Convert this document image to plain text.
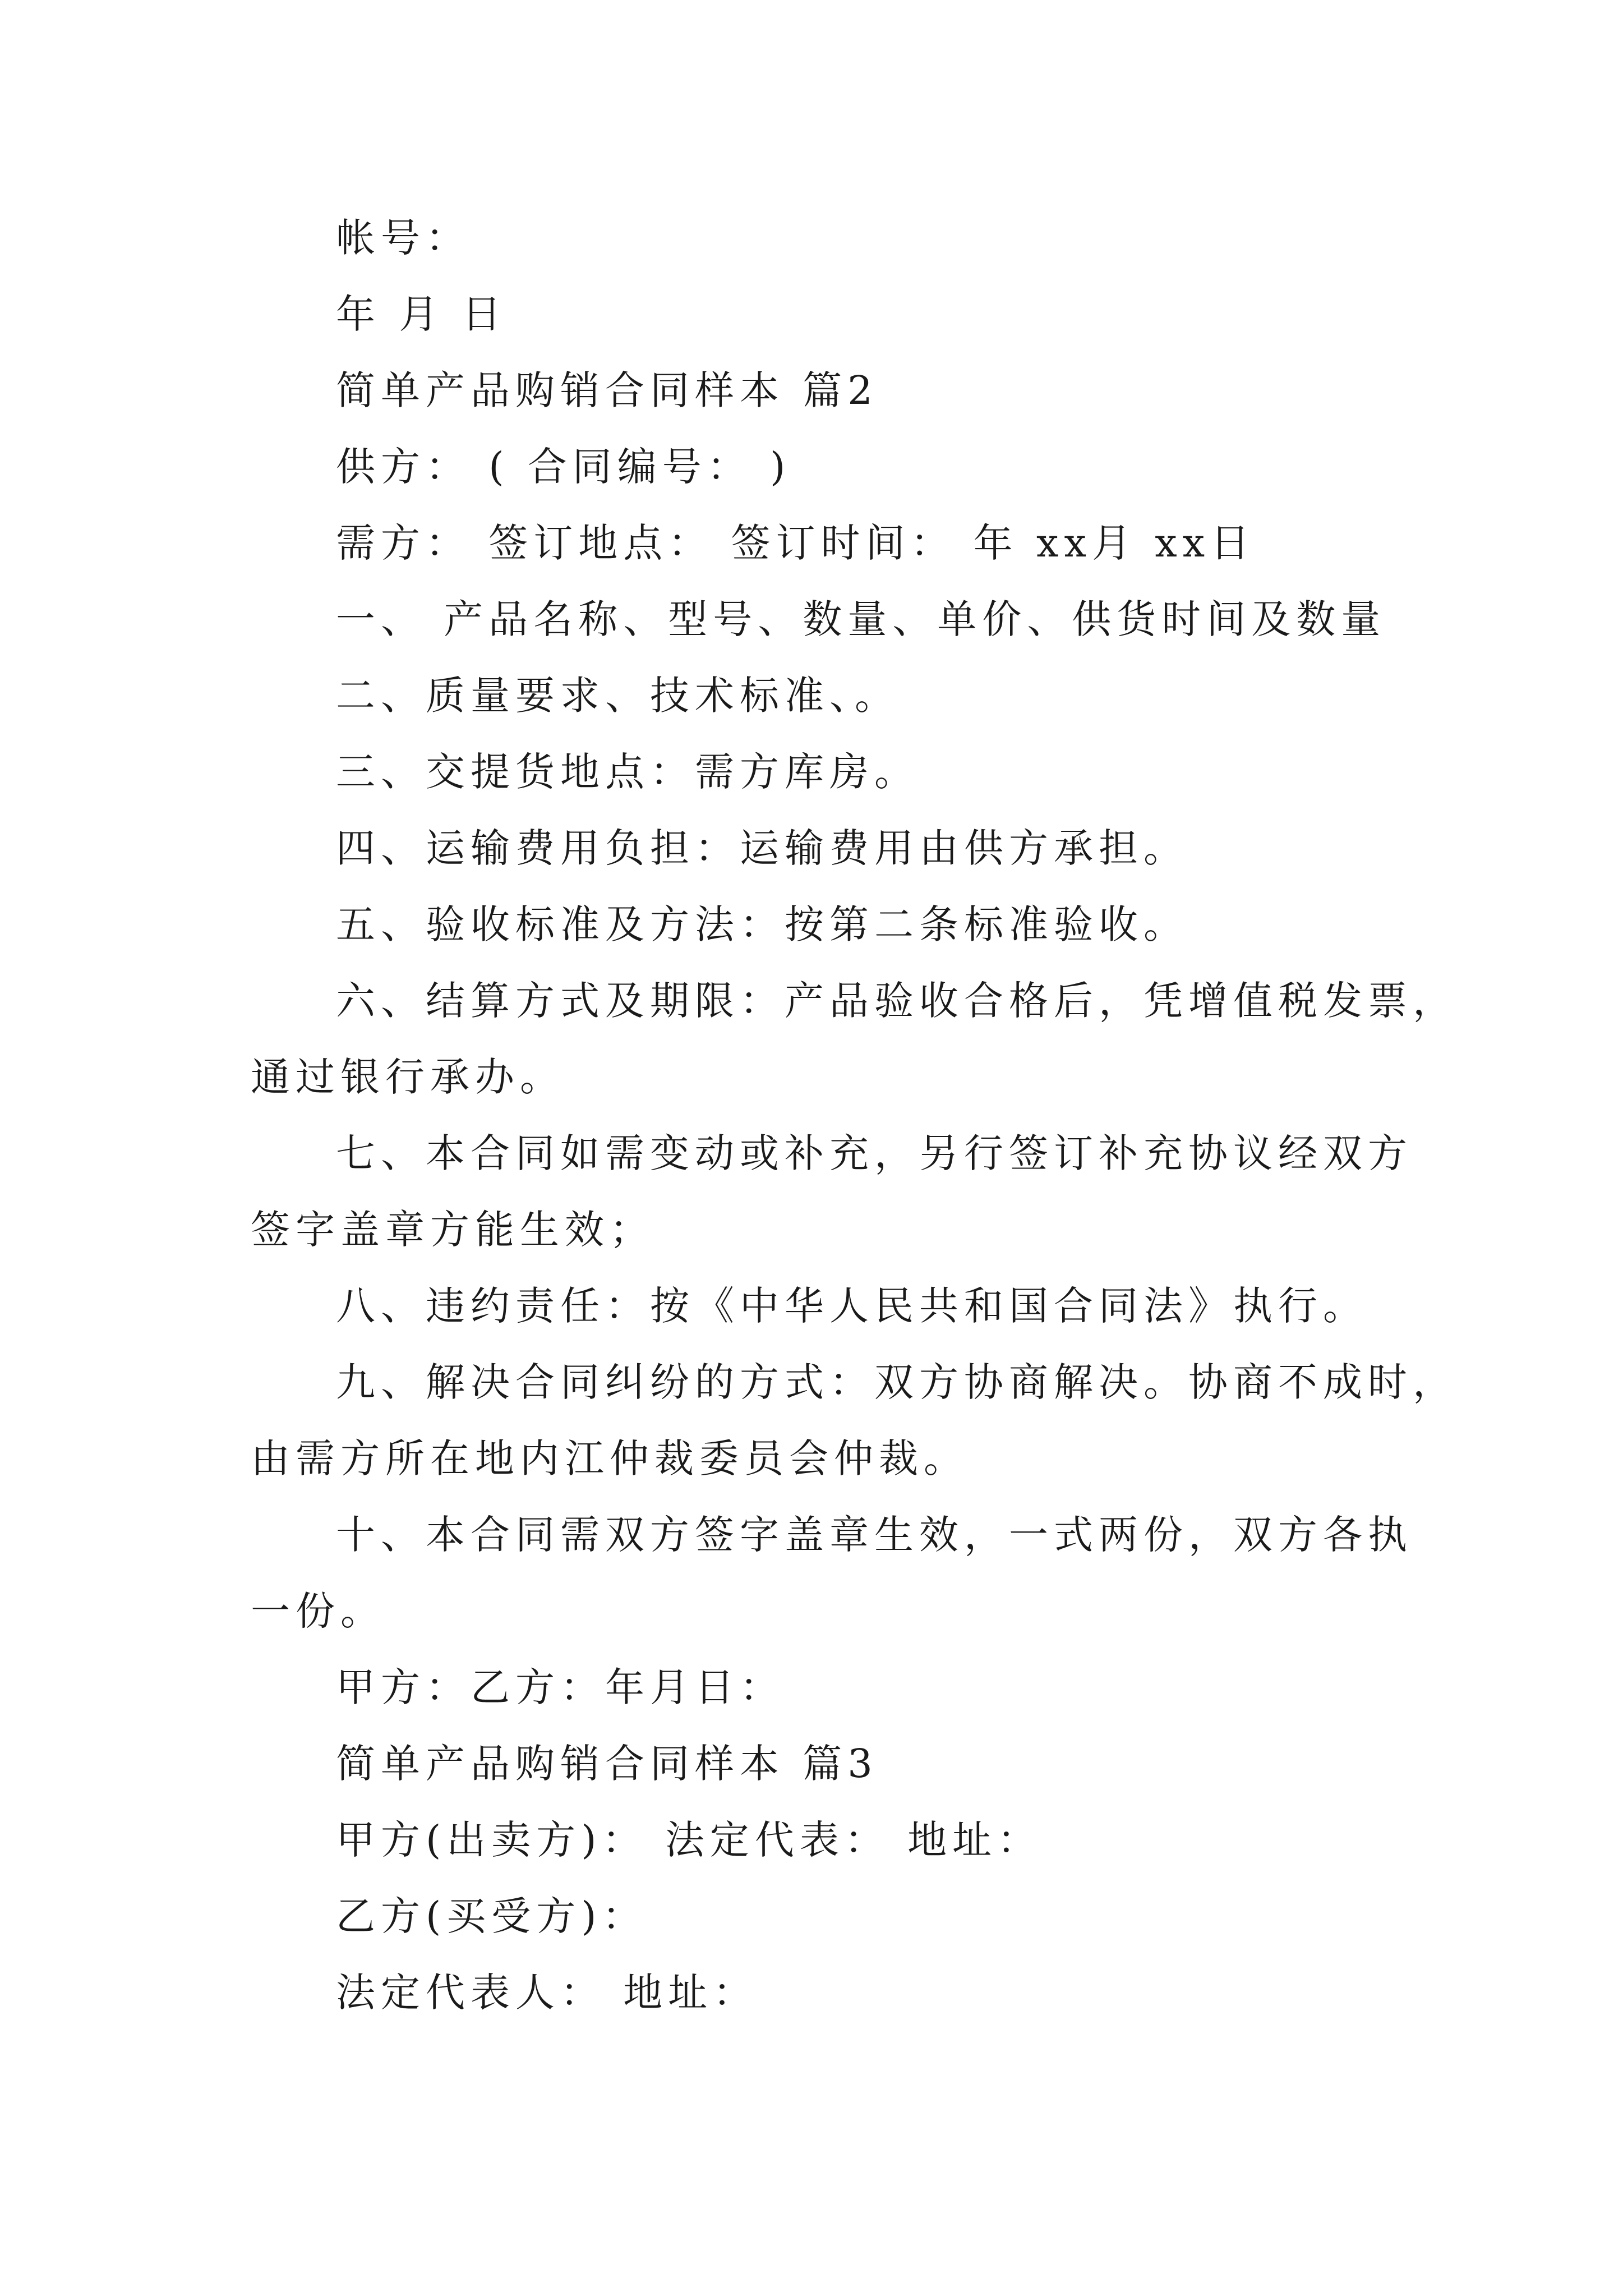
帐号：

年 月 日

简单产品购销合同样本 篇2

供方： ( 合同编号： )

需方： 签订地点： 签订时间： 年 xx月 xx日

一、 产品名称、型号、数量、单价、供货时间及数量

二、质量要求、技术标准、。

三、交提货地点：需方库房。

四、运输费用负担：运输费用由供方承担。

五、验收标准及方法：按第二条标准验收。

六、结算方式及期限：产品验收合格后，凭增值税发票，

通过银行承办。

七、本合同如需变动或补充，另行签订补充协议经双方

签字盖章方能生效；

八、违约责任：按《中华人民共和国合同法》执行。

九、解决合同纠纷的方式：双方协商解决。协商不成时，

由需方所在地内江仲裁委员会仲裁。

十、本合同需双方签字盖章生效，一式两份，双方各执

一份。

甲方：乙方：年月日：

简单产品购销合同样本 篇3

甲方(出卖方)： 法定代表： 地址：

乙方(买受方)：

法定代表人： 地址：
